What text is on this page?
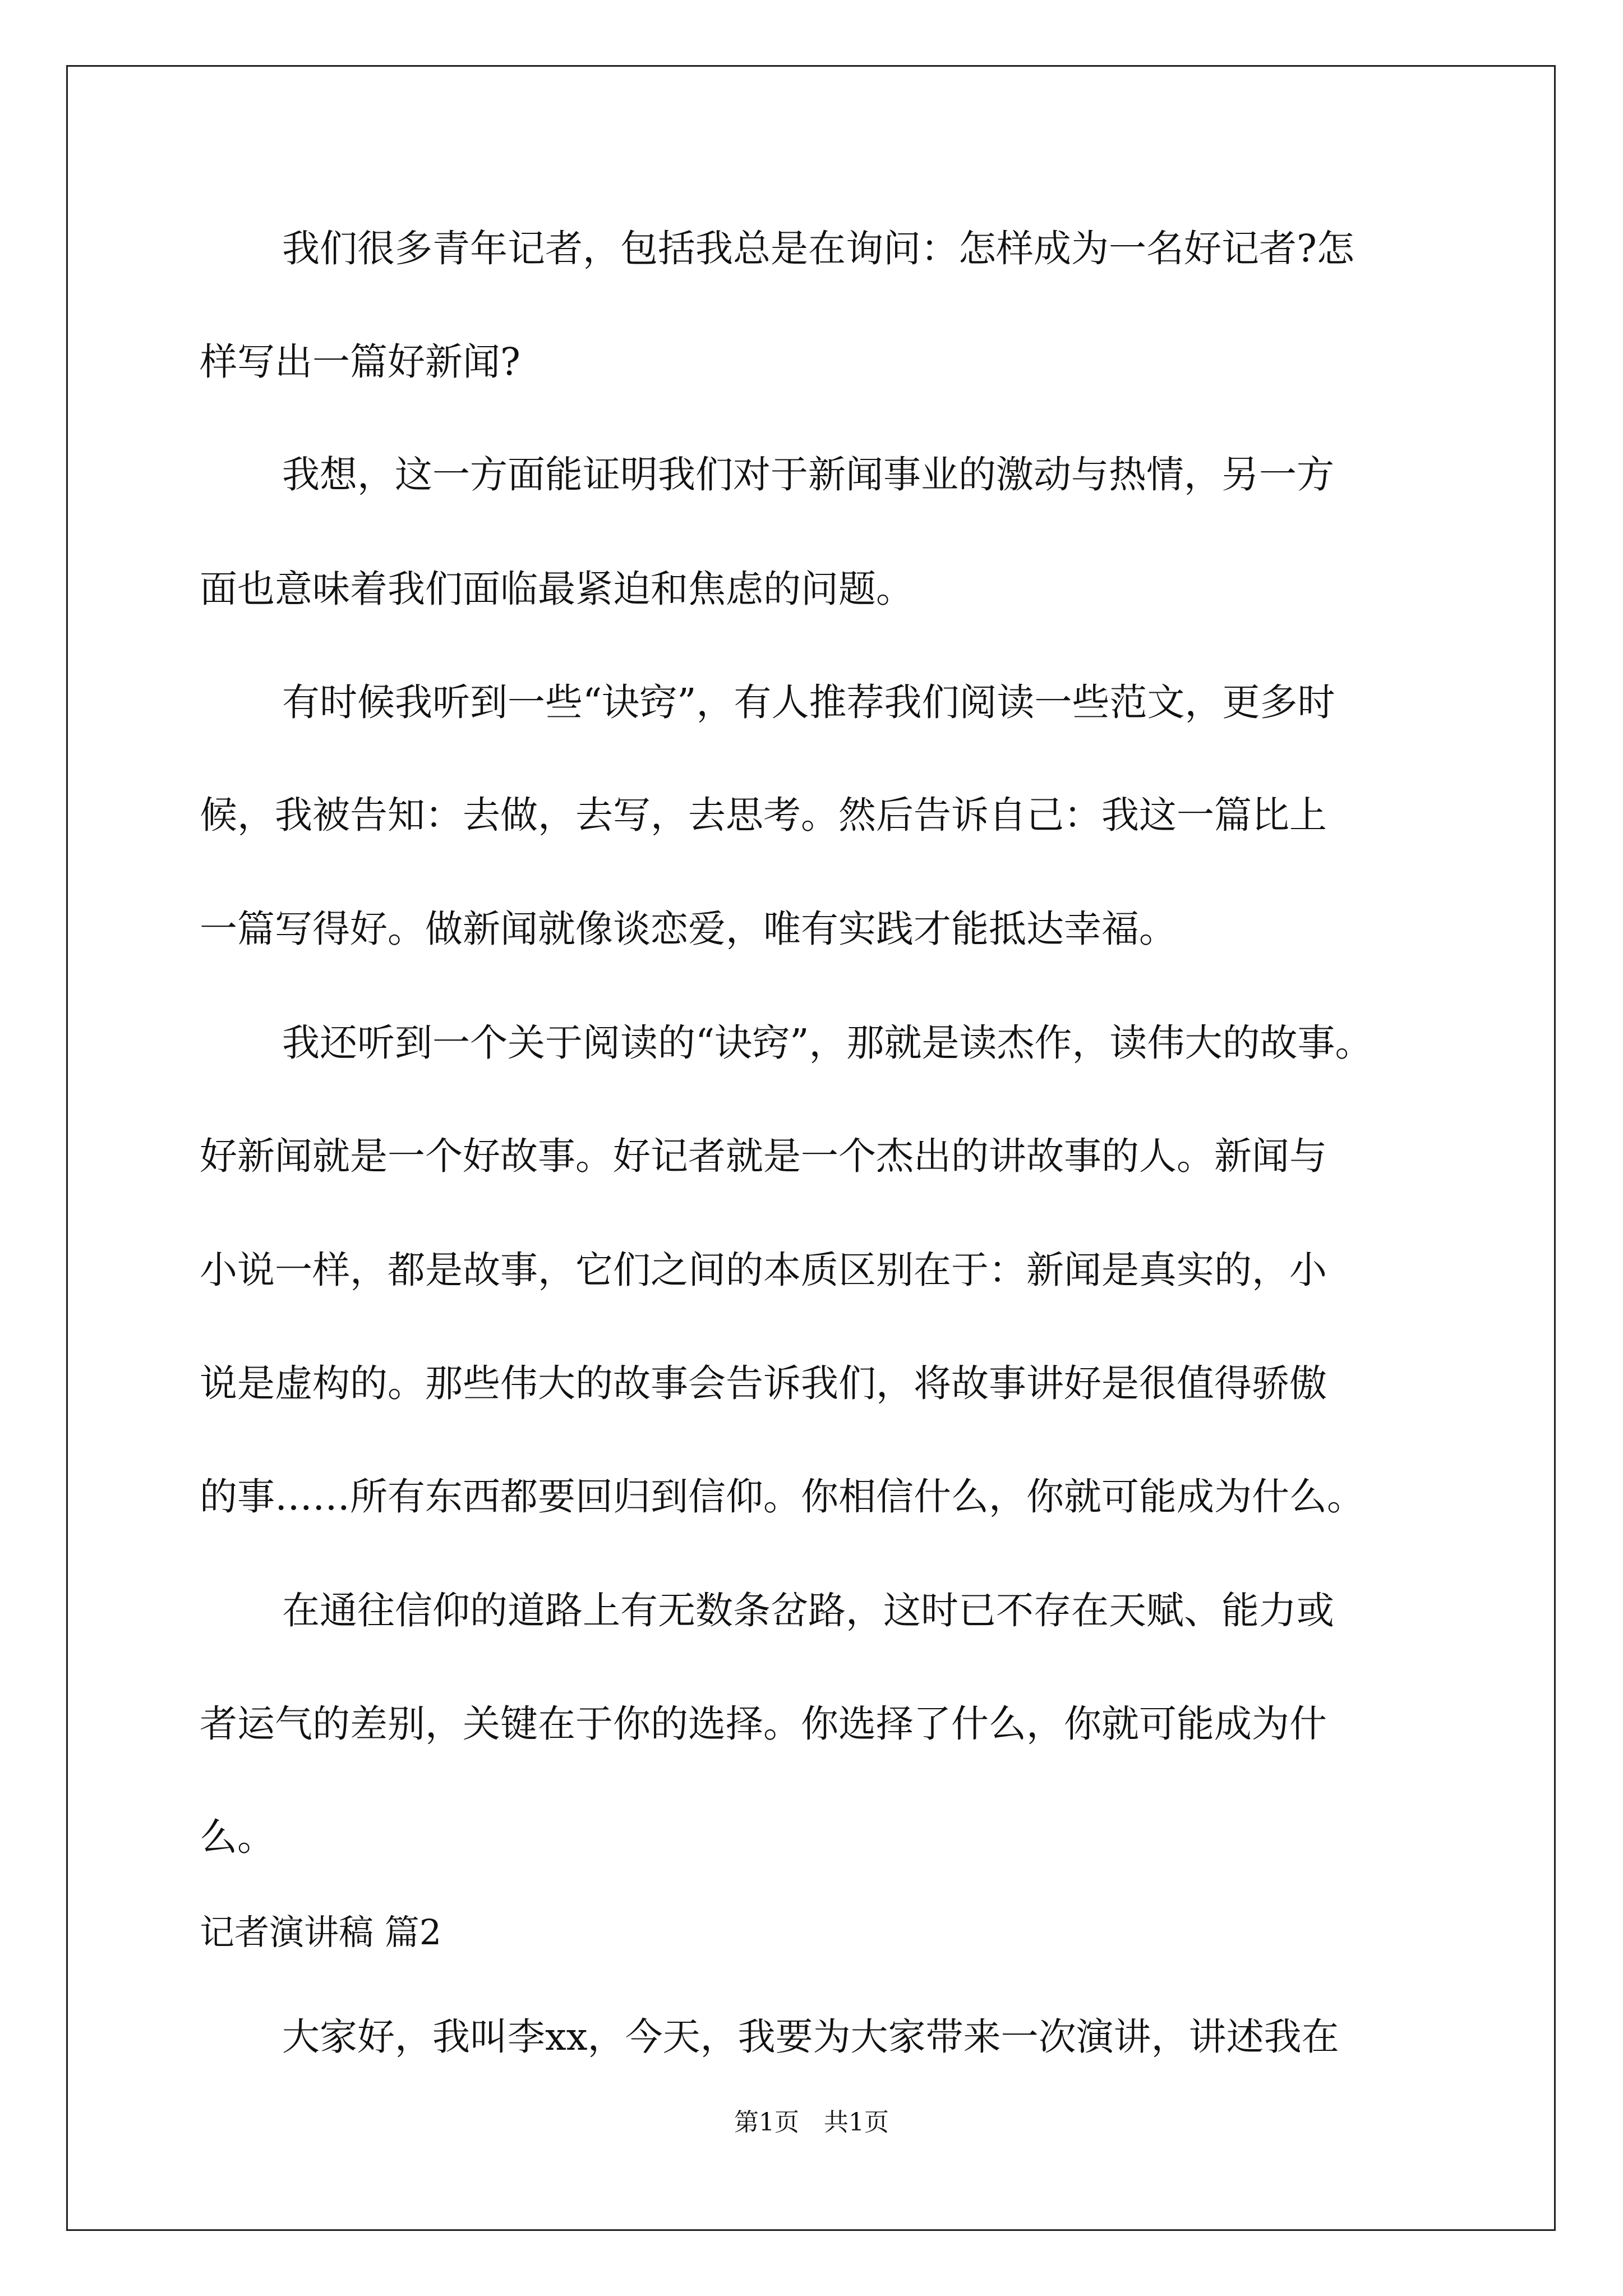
我们很多青年记者，包括我总是在询问：怎样成为一名好记者?怎
样写出一篇好新闻?
我想，这一方面能证明我们对于新闻事业的激动与热情，另一方
面也意味着我们面临最紧迫和焦虑的问题。
有时候我听到一些“诀窍”，有人推荐我们阅读一些范文，更多时
候，我被告知：去做，去写，去思考。然后告诉自己：我这一篇比上
一篇写得好。做新闻就像谈恋爱，唯有实践才能抵达幸福。
我还听到一个关于阅读的“诀窍”，那就是读杰作，读伟大的故事。
好新闻就是一个好故事。好记者就是一个杰出的讲故事的人。新闻与
小说一样，都是故事，它们之间的本质区别在于：新闻是真实的，小
说是虚构的。那些伟大的故事会告诉我们，将故事讲好是很值得骄傲
的事……所有东西都要回归到信仰。你相信什么，你就可能成为什么。
在通往信仰的道路上有无数条岔路，这时已不存在天赋、能力或
者运气的差别，关键在于你的选择。你选择了什么，你就可能成为什
么。
记者演讲稿 篇2
大家好，我叫李xx，今天，我要为大家带来一次演讲，讲述我在
第1页　共1页
